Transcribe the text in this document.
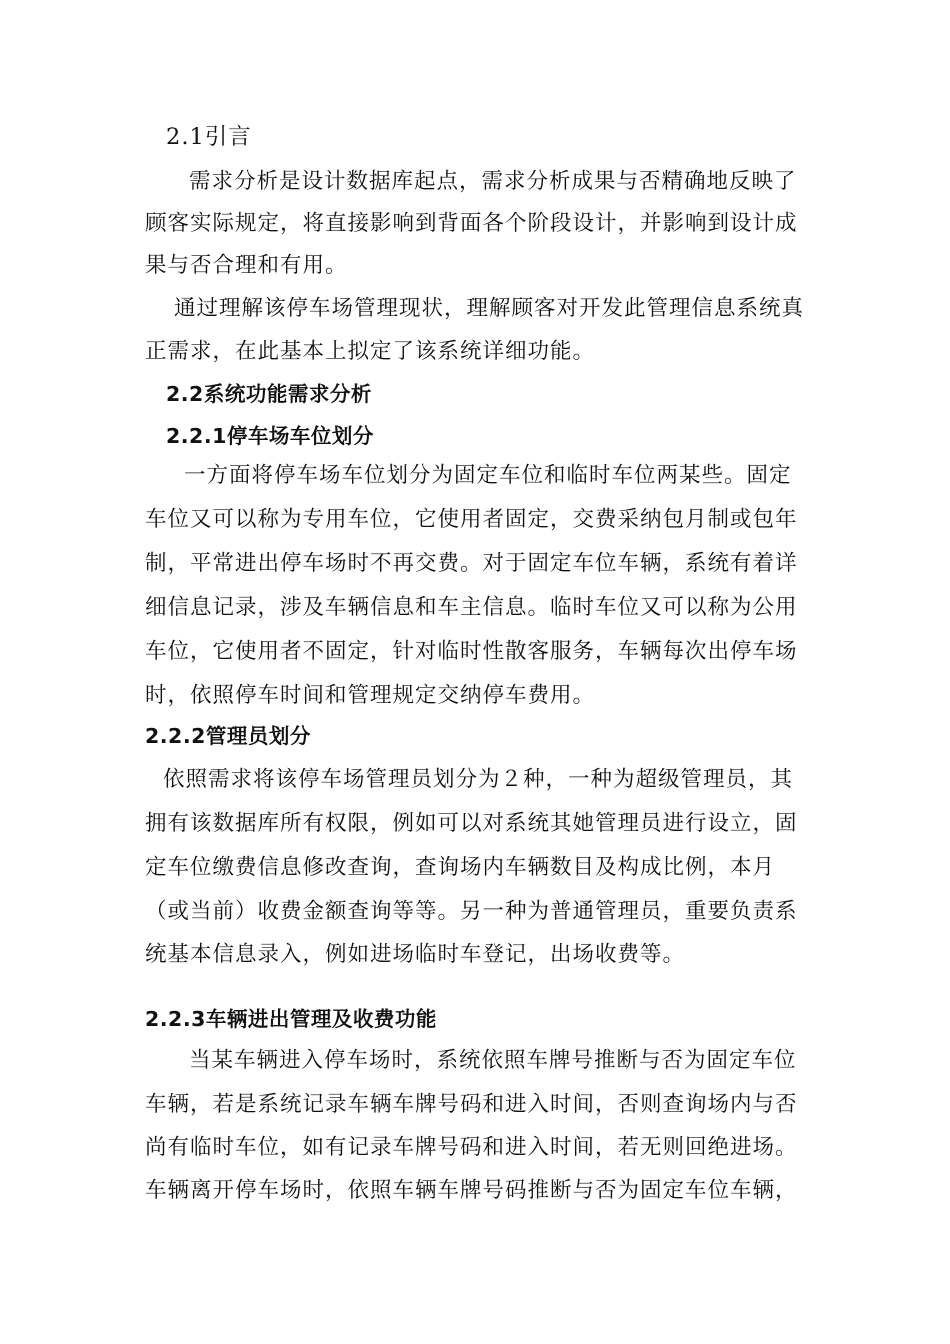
2.1引言
需求分析是设计数据库起点，需求分析成果与否精确地反映了
顾客实际规定，将直接影响到背面各个阶段设计，并影响到设计成
果与否合理和有用。
通过理解该停车场管理现状，理解顾客对开发此管理信息系统真
正需求，在此基本上拟定了该系统详细功能。
2.2系统功能需求分析
2.2.1停车场车位划分
一方面将停车场车位划分为固定车位和临时车位两某些。固定
车位又可以称为专用车位，它使用者固定，交费采纳包月制或包年
制，平常进出停车场时不再交费。对于固定车位车辆，系统有着详
细信息记录，涉及车辆信息和车主信息。临时车位又可以称为公用
车位，它使用者不固定，针对临时性散客服务，车辆每次出停车场
时，依照停车时间和管理规定交纳停车费用。
2.2.2管理员划分
依照需求将该停车场管理员划分为２种，一种为超级管理员，其
拥有该数据库所有权限，例如可以对系统其她管理员进行设立，固
定车位缴费信息修改查询，查询场内车辆数目及构成比例，本月
（或当前）收费金额查询等等。另一种为普通管理员，重要负责系
统基本信息录入，例如进场临时车登记，出场收费等。
2.2.3车辆进出管理及收费功能
当某车辆进入停车场时，系统依照车牌号推断与否为固定车位
车辆，若是系统记录车辆车牌号码和进入时间，否则查询场内与否
尚有临时车位，如有记录车牌号码和进入时间，若无则回绝进场。
车辆离开停车场时，依照车辆车牌号码推断与否为固定车位车辆，
